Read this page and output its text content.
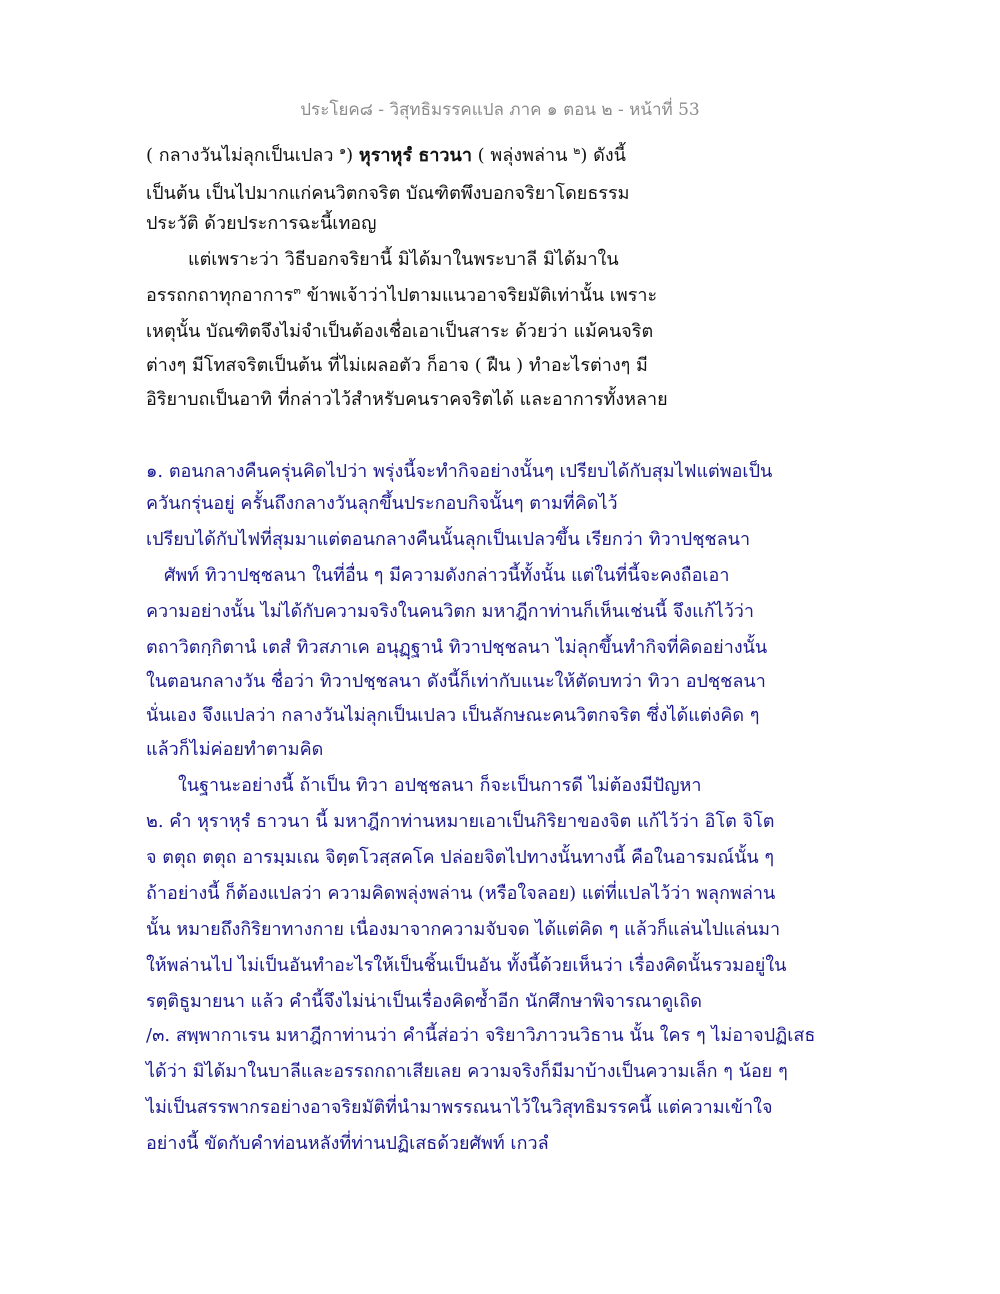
ประโยค๘ - วิสุทธิมรรคแปล ภาค ๑ ตอน ๒ - หน้าที่ 53
( กลางวันไม่ลุกเป็นเปลว $^๑$) หุราหุรํ ธาวนา ( พลุ่งพล่าน $^๒$) ดังนี้
เป็นต้น เป็นไปมากแก่คนวิตกจริต บัณฑิตพึงบอกจริยาโดยธรรม
ประวัติ ด้วยประการฉะนี้เทอญ
แต่เพราะว่า วิธีบอกจริยานี้ มิได้มาในพระบาลี มิได้มาใน
อรรถกถาทุกอาการ$^๓$ ข้าพเจ้าว่าไปตามแนวอาจริยมัติเท่านั้น เพราะ
เหตุนั้น บัณฑิตจึงไม่จำเป็นต้องเชื่อเอาเป็นสาระ ด้วยว่า แม้คนจริต
ต่างๆ มีโทสจริตเป็นต้น ที่ไม่เผลอตัว ก็อาจ ( ฝืน ) ทำอะไรต่างๆ มี
อิริยาบถเป็นอาทิ ที่กล่าวไว้สำหรับคนราคจริตได้ และอาการทั้งหลาย
๑. ตอนกลางคืนครุ่นคิดไปว่า พรุ่งนี้จะทำกิจอย่างนั้นๆ เปรียบได้กับสุมไฟแต่พอเป็น
ควันกรุ่นอยู่ ครั้นถึงกลางวันลุกขึ้นประกอบกิจนั้นๆ ตามที่คิดไว้
เปรียบได้กับไฟที่สุมมาแต่ตอนกลางคืนนั้นลุกเป็นเปลวขึ้น เรียกว่า ทิวาปชฺชลนา
ศัพท์ ทิวาปชฺชลนา ในที่อื่น ๆ มีความดังกล่าวนี้ทั้งนั้น แต่ในที่นี้จะคงถือเอา
ความอย่างนั้น ไม่ได้กับความจริงในคนวิตก มหาฎีกาท่านก็เห็นเช่นนี้ จึงแก้ไว้ว่า
ตถาวิตกฺกิตานํ เตสํ ทิวสภาเค อนุฏฺฐานํ ทิวาปชฺชลนา ไม่ลุกขึ้นทำกิจที่คิดอย่างนั้น
ในตอนกลางวัน ชื่อว่า ทิวาปชฺชลนา ดังนี้ก็เท่ากับแนะให้ตัดบทว่า ทิวา อปชฺชลนา
นั่นเอง จึงแปลว่า กลางวันไม่ลุกเป็นเปลว เป็นลักษณะคนวิตกจริต ซึ่งได้แต่งคิด ๆ
แล้วก็ไม่ค่อยทำตามคิด
ในฐานะอย่างนี้ ถ้าเป็น ทิวา อปชฺชลนา ก็จะเป็นการดี ไม่ต้องมีปัญหา
๒. คำ หุราหุรํ ธาวนา นี้ มหาฎีกาท่านหมายเอาเป็นกิริยาของจิต แก้ไว้ว่า อิโต จิโต
จ ตตุถ ตตุถ อารมฺมเณ จิตฺตโวสฺสคโค ปล่อยจิตไปทางนั้นทางนี้ คือในอารมณ์นั้น ๆ
ถ้าอย่างนี้ ก็ต้องแปลว่า ความคิดพลุ่งพล่าน (หรือใจลอย) แต่ที่แปลไว้ว่า พลุกพล่าน
นั้น หมายถึงกิริยาทางกาย เนื่องมาจากความจับจด ได้แต่คิด ๆ แล้วก็แล่นไปแล่นมา
ให้พล่านไป ไม่เป็นอันทำอะไรให้เป็นชิ้นเป็นอัน ทั้งนี้ด้วยเห็นว่า เรื่องคิดนั้นรวมอยู่ใน
รตฺติธูมายนา แล้ว คำนี้จึงไม่น่าเป็นเรื่องคิดซ้ำอีก นักศึกษาพิจารณาดูเถิด
/๓. สพฺพากาเรน มหาฎีกาท่านว่า คำนี้ส่อว่า จริยาวิภาวนวิธาน นั้น ใคร ๆ ไม่อาจปฏิเสธ
ได้ว่า มิได้มาในบาลีและอรรถกถาเสียเลย ความจริงก็มีมาบ้างเป็นความเล็ก ๆ น้อย ๆ
ไม่เป็นสรรพากรอย่างอาจริยมัติที่นำมาพรรณนาไว้ในวิสุทธิมรรคนี้ แต่ความเข้าใจ
อย่างนี้ ขัดกับคำท่อนหลังที่ท่านปฏิเสธด้วยศัพท์ เกวลํ
